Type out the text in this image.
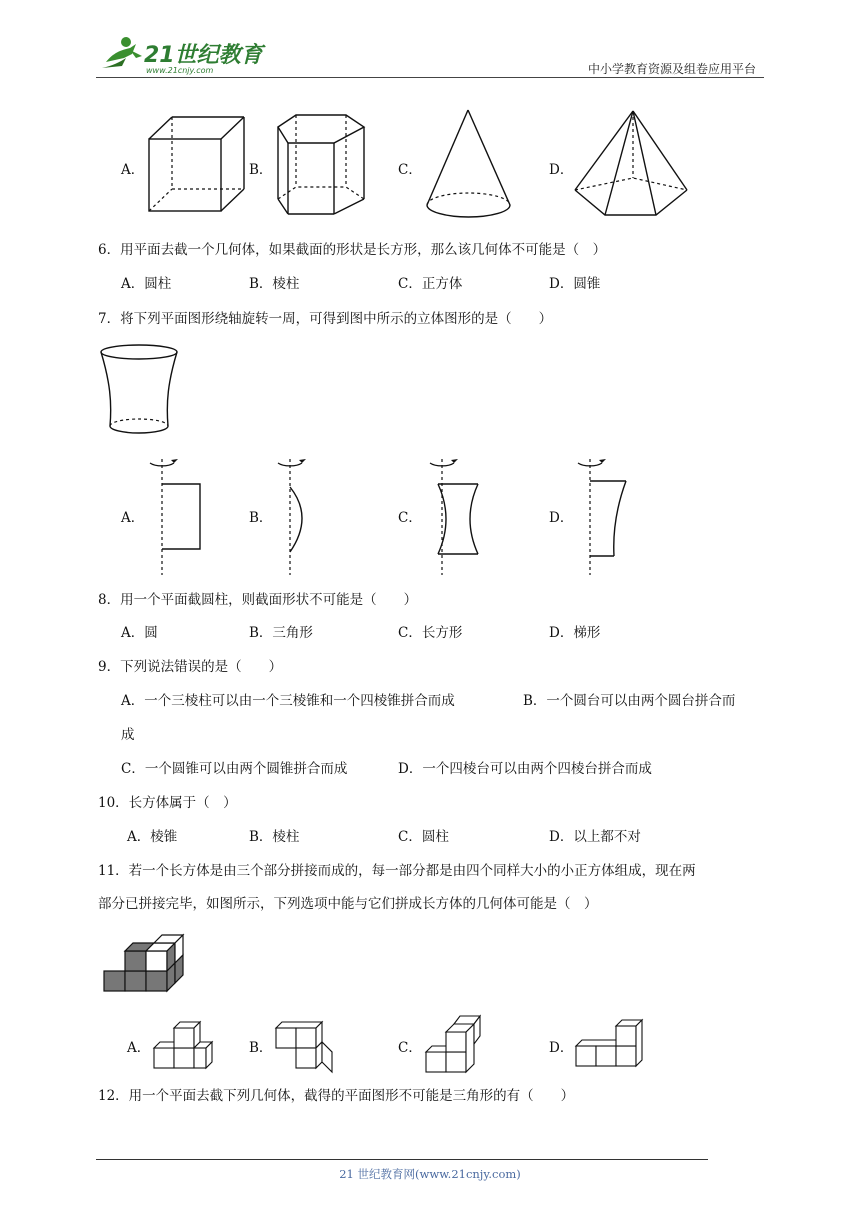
21世纪教育
www.21cnjy.com	中小学教育资源及组卷应用平台
A．	B．	C．	D．
6．用平面去截一个几何体，如果截面的形状是长方形，那么该几何体不可能是（　）
A．圆柱	B．棱柱	C．正方体	D．圆锥
7．将下列平面图形绕轴旋转一周，可得到图中所示的立体图形的是（　　）
A．	B．	C．	D．
8．用一个平面截圆柱，则截面形状不可能是（　　）
A．圆	B．三角形	C．长方形	D．梯形
9．下列说法错误的是（　　）
A．一个三棱柱可以由一个三棱锥和一个四棱锥拼合而成	B．一个圆台可以由两个圆台拼合而
成
C．一个圆锥可以由两个圆锥拼合而成	D．一个四棱台可以由两个四棱台拼合而成
10．长方体属于（　）
A．棱锥	B．棱柱	C．圆柱	D．以上都不对
11．若一个长方体是由三个部分拼接而成的，每一部分都是由四个同样大小的小正方体组成，现在两
部分已拼接完毕，如图所示，下列选项中能与它们拼成长方体的几何体可能是（　）
A．	B．	C．	D．
12．用一个平面去截下列几何体，截得的平面图形不可能是三角形的有（　　）
21 世纪教育网(www.21cnjy.com)
